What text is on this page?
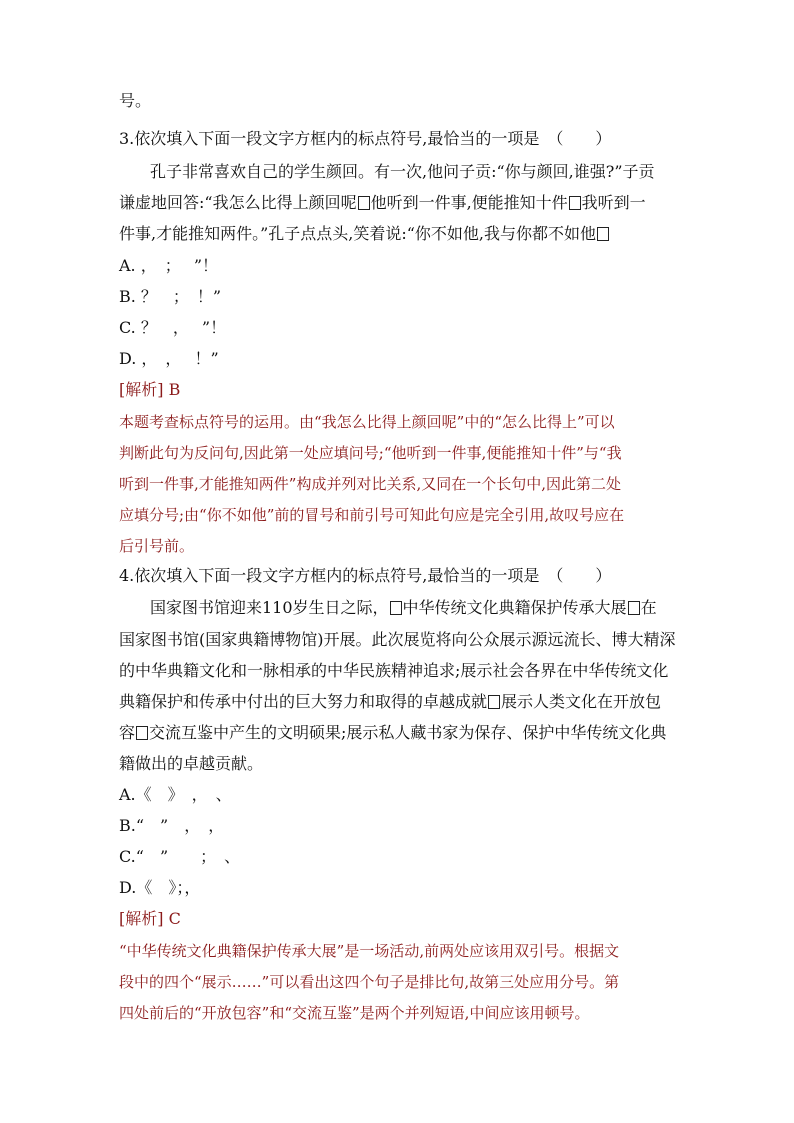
号。
3.依次填入下面一段文字方框内的标点符号,最恰当的一项是　（　　）
孔子非常喜欢自己的学生颜回。有一次,他问子贡:“你与颜回,谁强?”子贡
谦虚地回答:“我怎么比得上颜回呢 他听到一件事,便能推知十件 我听到一
件事,才能推知两件。”孔子点点头,笑着说:“你不如他,我与你都不如他
A. ，　；　 ”！
B. ？　；　！”
C. ？　，　 ”！
D. ，　，　 ！”
[解析] B
本题考查标点符号的运用。由“我怎么比得上颜回呢”中的“怎么比得上”可以
判断此句为反问句,因此第一处应填问号;“他听到一件事,便能推知十件”与“我
听到一件事,才能推知两件”构成并列对比关系,又同在一个长句中,因此第二处
应填分号;由“你不如他”前的冒号和前引号可知此句应是完全引用,故叹号应在
后引号前。
4.依次填入下面一段文字方框内的标点符号,最恰当的一项是　（　　）
国家图书馆迎来110岁生日之际， 中华传统文化典籍保护传承大展 在
国家图书馆(国家典籍博物馆)开展。此次展览将向公众展示源远流长、博大精深
的中华典籍文化和一脉相承的中华民族精神追求;展示社会各界在中华传统文化
典籍保护和传承中付出的巨大努力和取得的卓越成就 展示人类文化在开放包
容 交流互鉴中产生的文明硕果;展示私人藏书家为保存、保护中华传统文化典
籍做出的卓越贡献。
A.《　》　，　、
B.“　”　，　，
C.“　”　　；　、
D.《　》；，
[解析] C
“中华传统文化典籍保护传承大展”是一场活动,前两处应该用双引号。根据文
段中的四个“展示……”可以看出这四个句子是排比句,故第三处应用分号。第
四处前后的“开放包容”和“交流互鉴”是两个并列短语,中间应该用顿号。
